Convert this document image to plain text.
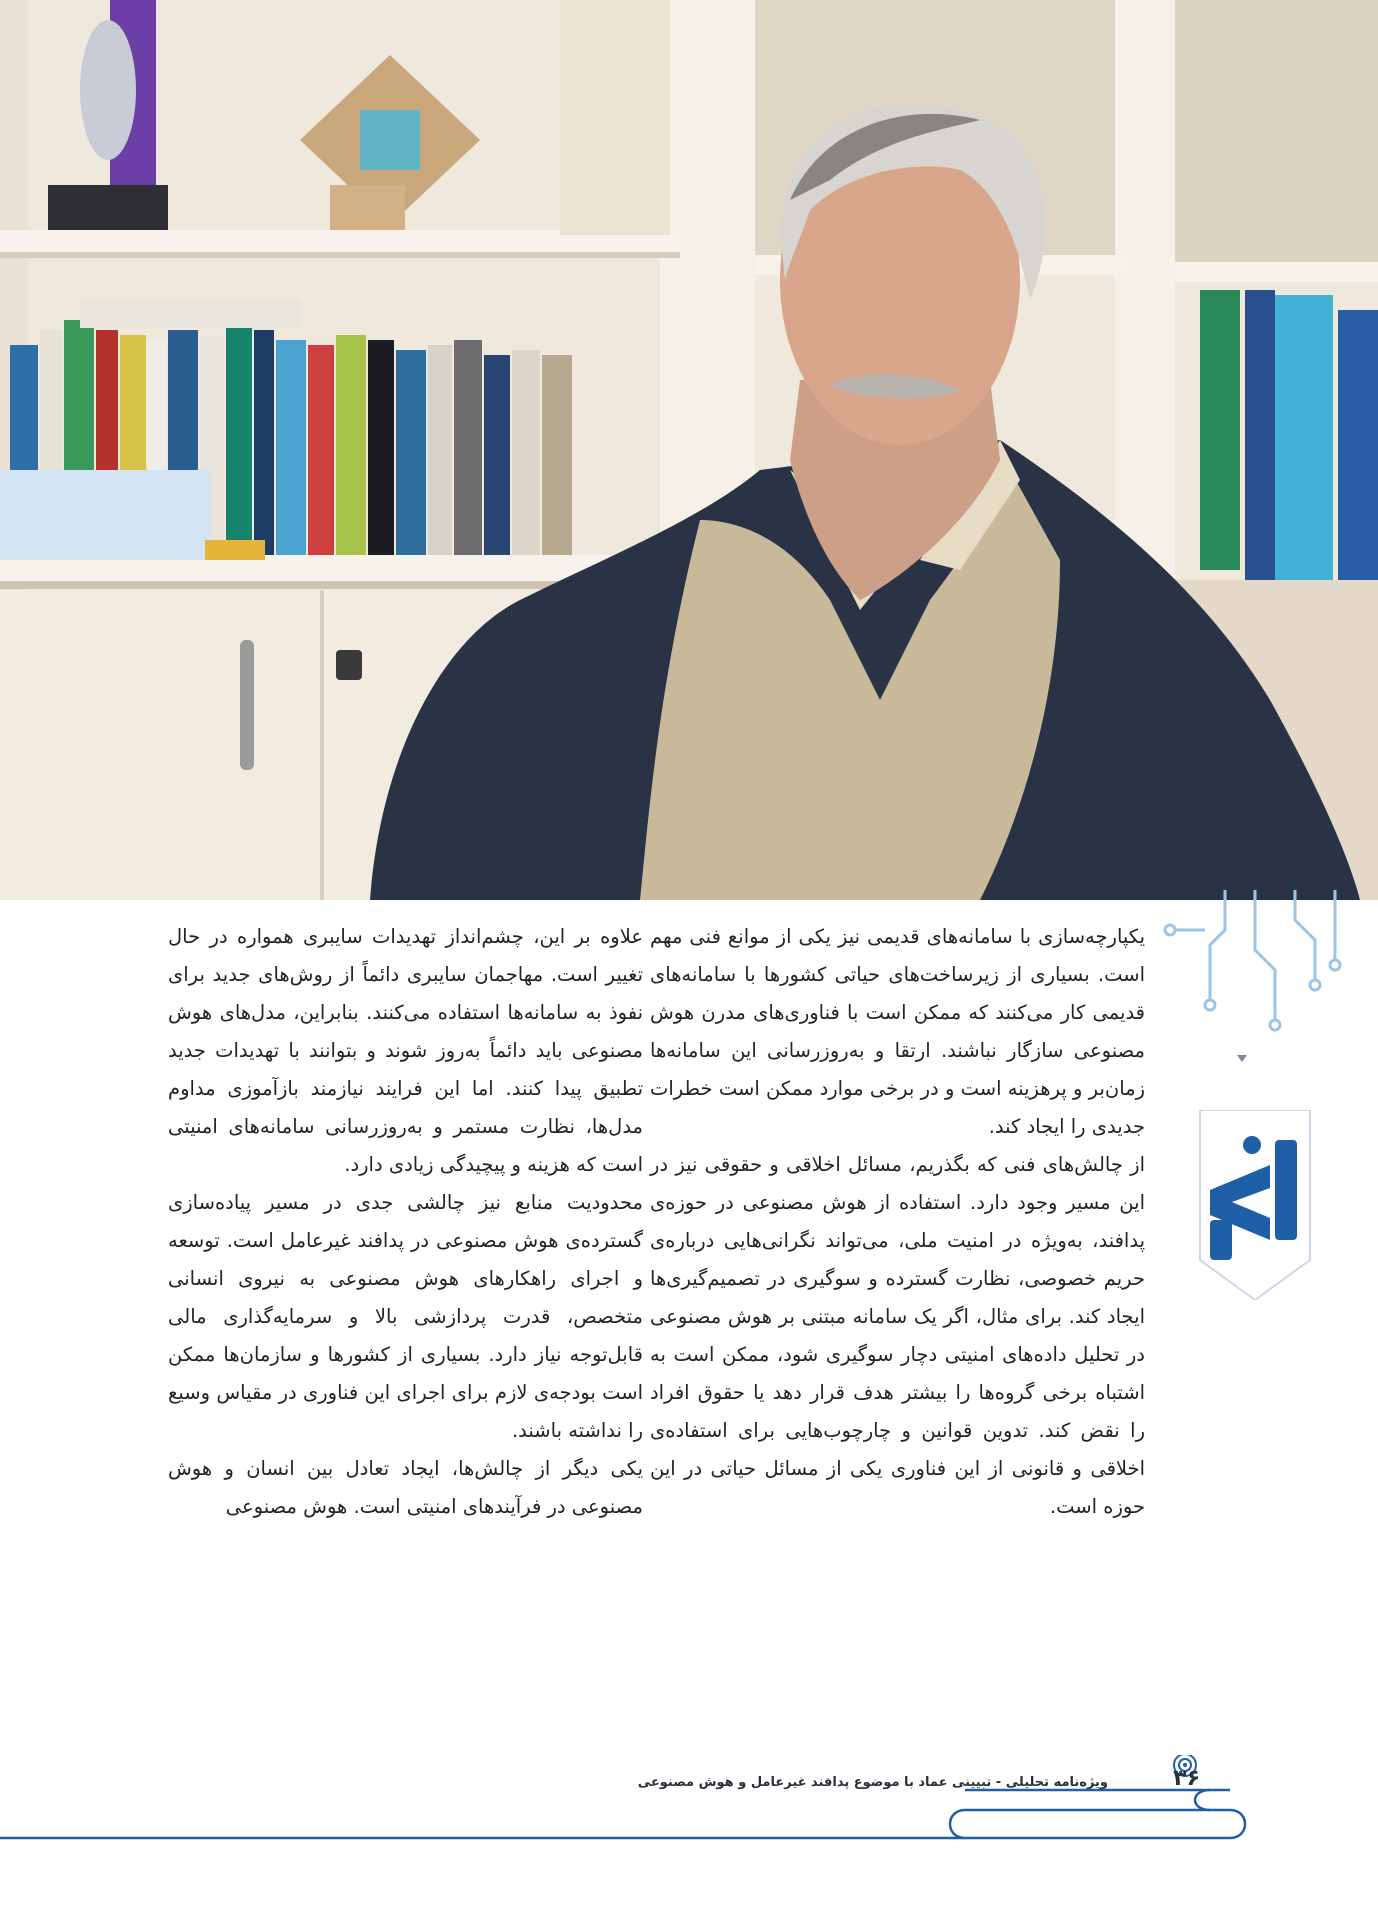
یکپارچه‌سازی با سامانه‌های قدیمی نیز یکی از موانع فنی مهم است. بسیاری از زیرساخت‌های حیاتی کشورها با سامانه‌های قدیمی کار می‌کنند که ممکن است با فناوری‌های مدرن هوش مصنوعی سازگار نباشند. ارتقا و به‌روزرسانی این سامانه‌ها زمان‌بر و پرهزینه است و در برخی موارد ممکن است خطرات جدیدی را ایجاد کند.

از چالش‌های فنی که بگذریم، مسائل اخلاقی و حقوقی نیز در این مسیر وجود دارد. استفاده از هوش مصنوعی در حوزه‌ی پدافند، به‌ویژه در امنیت ملی، می‌تواند نگرانی‌هایی درباره‌ی حریم خصوصی، نظارت گسترده و سوگیری در تصمیم‌گیری‌ها ایجاد کند. برای مثال، اگر یک سامانه مبتنی بر هوش مصنوعی در تحلیل داده‌های امنیتی دچار سوگیری شود، ممکن است به اشتباه برخی گروه‌ها را بیشتر هدف قرار دهد یا حقوق افراد را نقض کند. تدوین قوانین و چارچوب‌هایی برای استفاده‌ی اخلاقی و قانونی از این فناوری یکی از مسائل حیاتی در این حوزه است.

علاوه بر این، چشم‌انداز تهدیدات سایبری همواره در حال تغییر است. مهاجمان سایبری دائماً از روش‌های جدید برای نفوذ به سامانه‌ها استفاده می‌کنند. بنابراین، مدل‌های هوش مصنوعی باید دائماً به‌روز شوند و بتوانند با تهدیدات جدید تطبیق پیدا کنند. اما این فرایند نیازمند بازآموزی مداوم مدل‌ها، نظارت مستمر و به‌روزرسانی سامانه‌های امنیتی است که هزینه و پیچیدگی زیادی دارد.

محدودیت منابع نیز چالشی جدی در مسیر پیاده‌سازی گسترده‌ی هوش مصنوعی در پدافند غیرعامل است. توسعه و اجرای راهکارهای هوش مصنوعی به نیروی انسانی متخصص، قدرت پردازشی بالا و سرمایه‌گذاری مالی قابل‌توجه نیاز دارد. بسیاری از کشورها و سازمان‌ها ممکن است بودجه‌ی لازم برای اجرای این فناوری در مقیاس وسیع را نداشته باشند.

یکی دیگر از چالش‌ها، ایجاد تعادل بین انسان و هوش مصنوعی در فرآیندهای امنیتی است. هوش مصنوعی

ویژه‌نامه تحلیلی - تبیینی عماد با موضوع پدافند غیرعامل و هوش مصنوعی	۳۶
